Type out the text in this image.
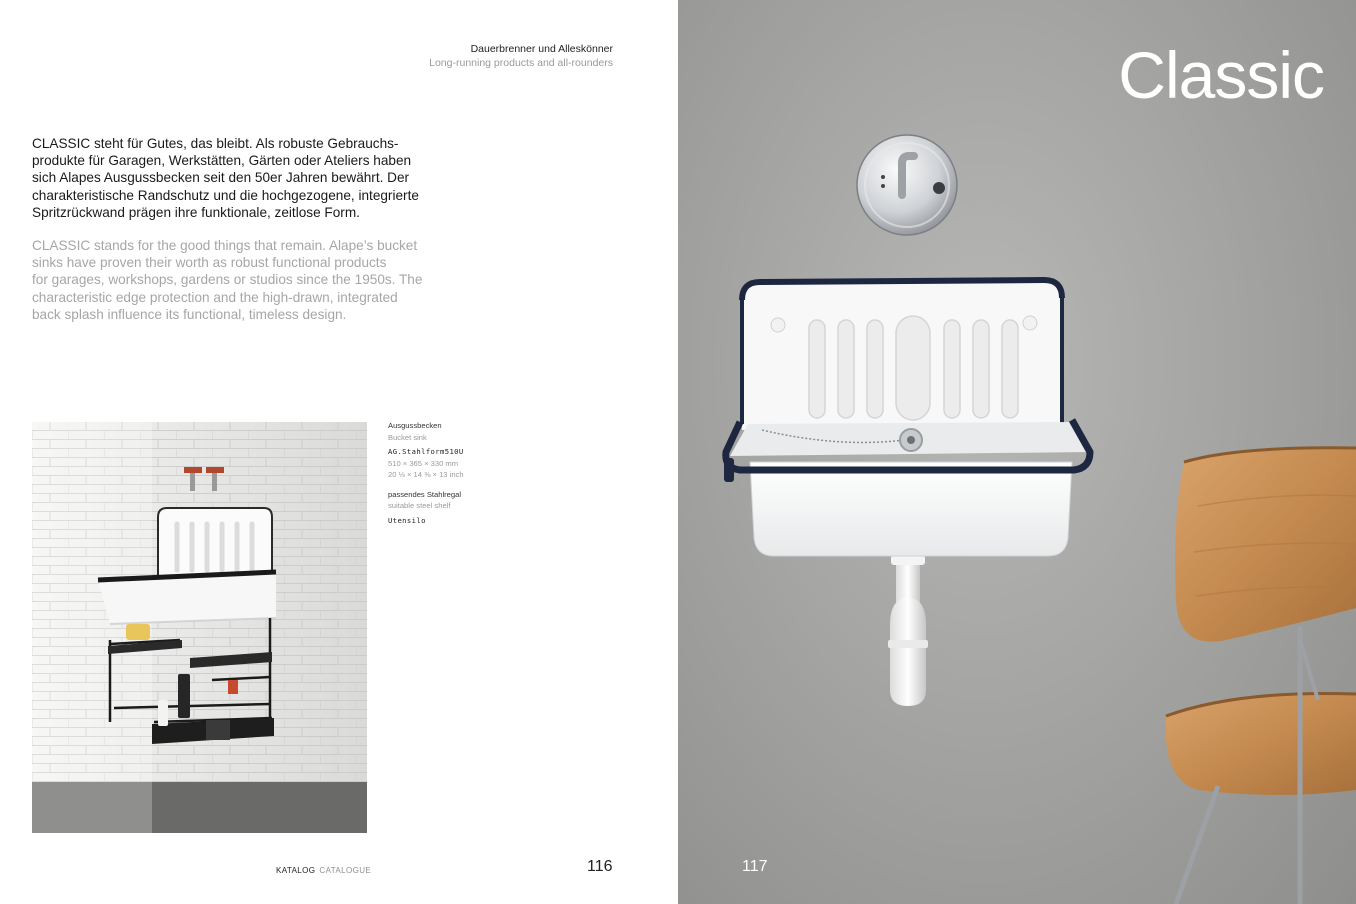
Dauerbrenner und Alleskönner
Long-running products and all-rounders

CLASSIC steht für Gutes, das bleibt. Als robuste Gebrauchs-
produkte für Garagen, Werkstätten, Gärten oder Ateliers haben
sich Alapes Ausgussbecken seit den 50er Jahren bewährt. Der
charakteristische Randschutz und die hochgezogene, integrierte
Spritzrückwand prägen ihre funktionale, zeitlose Form.

CLASSIC stands for the good things that remain. Alape’s bucket
sinks have proven their worth as robust functional products
for garages, workshops, gardens or studios since the 1950s. The
characteristic edge protection and the high-drawn, integrated
back splash influence its functional, timeless design.

Ausgussbecken
Bucket sink
AG.Stahlform510U
510 × 365 × 330 mm
20 ⅛ × 14 ⅜ × 13 inch
passendes Stahlregal
suitable steel shelf
Utensilo
KATALOG CATALOGUE	116
Classic
117
